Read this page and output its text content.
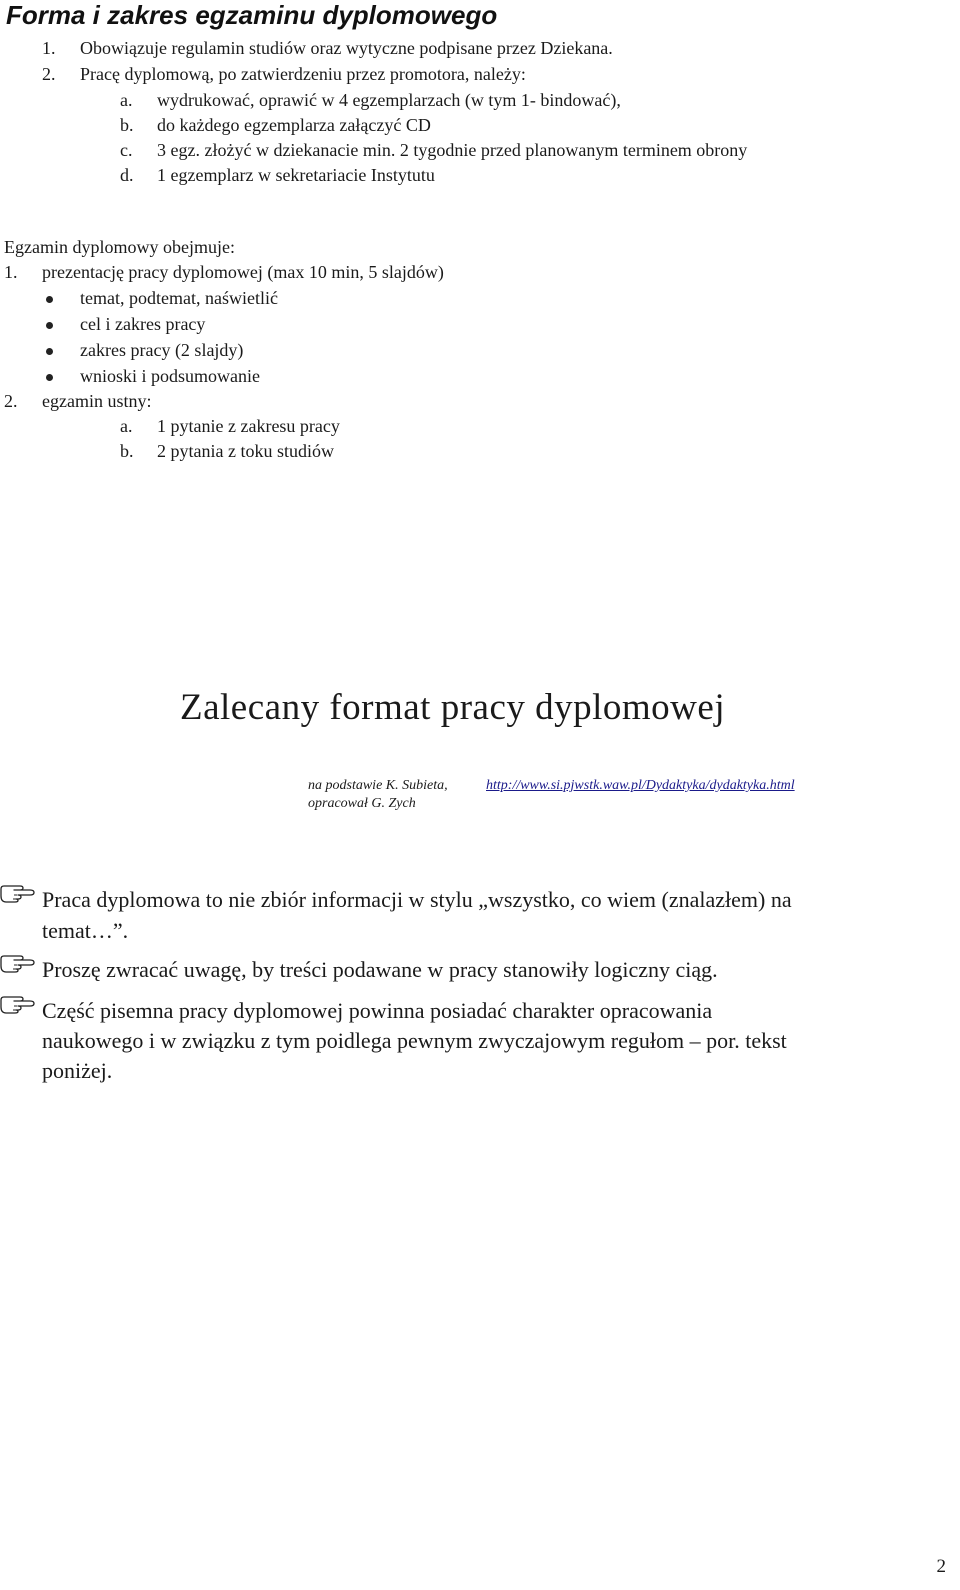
Forma i zakres egzaminu dyplomowego
1.	Obowiązuje regulamin studiów oraz wytyczne podpisane przez Dziekana.
2.	Pracę dyplomową, po zatwierdzeniu przez promotora, należy:
a. wydrukować, oprawić w 4 egzemplarzach (w tym 1- bindować),
b. do każdego egzemplarza załączyć CD
c. 3 egz. złożyć w dziekanacie min. 2 tygodnie przed planowanym terminem obrony
d. 1 egzemplarz w sekretariacie Instytutu
Egzamin dyplomowy obejmuje:
1. prezentację pracy dyplomowej (max 10 min, 5 slajdów)
temat, podtemat, naświetlić
cel i zakres pracy
zakres pracy (2 slajdy)
wnioski i podsumowanie
2. egzamin ustny:
a. 1 pytanie z zakresu pracy
b. 2 pytania z toku studiów
Zalecany format pracy dyplomowej
na podstawie K. Subieta,	http://www.si.pjwstk.waw.pl/Dydaktyka/dydaktyka.html
opracował G. Zych
Praca dyplomowa to nie zbiór informacji w stylu „wszystko, co wiem (znalazłem) na
temat…”.
Proszę zwracać uwagę, by treści podawane w pracy stanowiły logiczny ciąg.
Część pisemna pracy dyplomowej powinna posiadać charakter opracowania
naukowego i w związku z tym poidlega pewnym zwyczajowym regułom – por. tekst
poniżej.
2
